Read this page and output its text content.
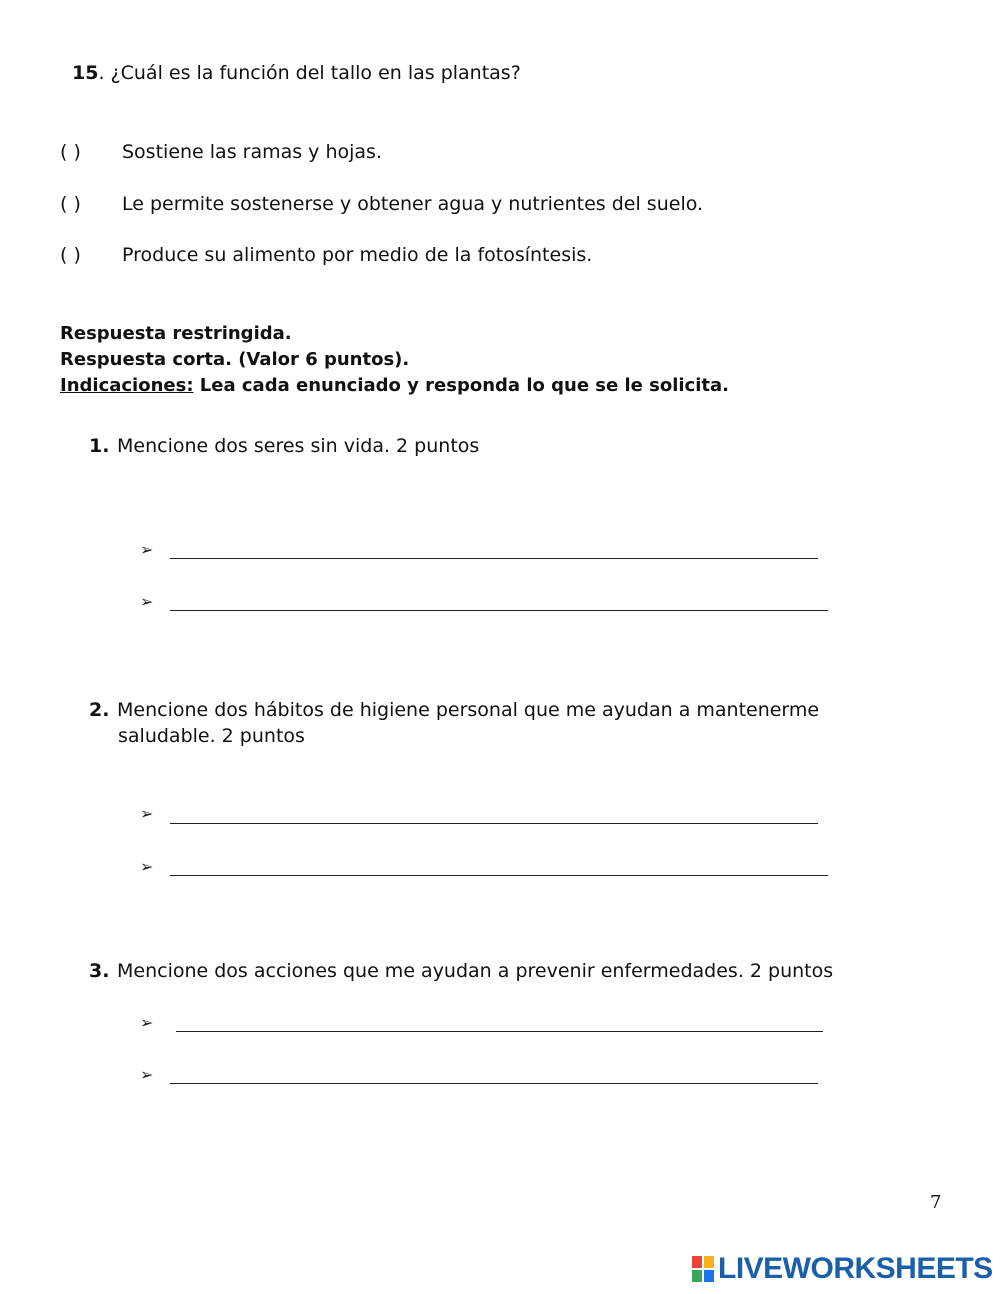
15. ¿Cuál es la función del tallo en las plantas?
( ) Sostiene las ramas y hojas.
( ) Le permite sostenerse y obtener agua y nutrientes del suelo.
( ) Produce su alimento por medio de la fotosíntesis.
Respuesta restringida.
Respuesta corta. (Valor 6 puntos).
Indicaciones: Lea cada enunciado y responda lo que se le solicita.
1. Mencione dos seres sin vida. 2 puntos
➢
➢
2. Mencione dos hábitos de higiene personal que me ayudan a mantenerme
saludable. 2 puntos
➢
➢
3. Mencione dos acciones que me ayudan a prevenir enfermedades. 2 puntos
➢
➢
7
LIVEWORKSHEETS
